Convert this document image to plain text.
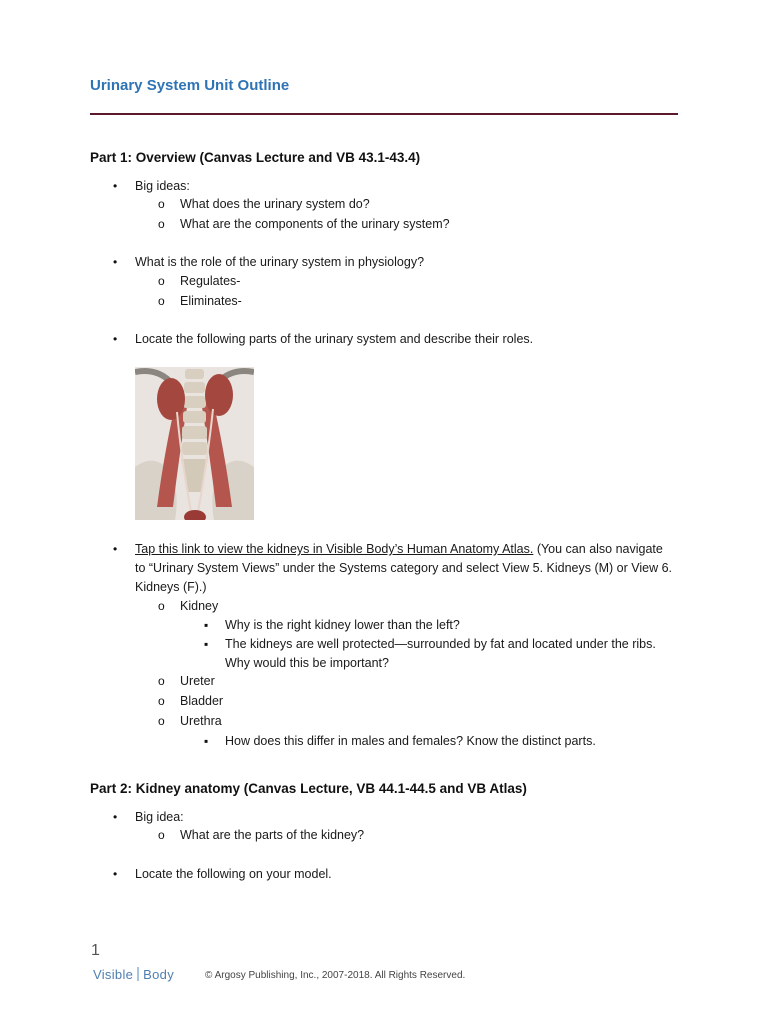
Urinary System Unit Outline
Part 1: Overview (Canvas Lecture and VB 43.1-43.4)
• Big ideas:
o What does the urinary system do?
o What are the components of the urinary system?
• What is the role of the urinary system in physiology?
o Regulates-
o Eliminates-
• Locate the following parts of the urinary system and describe their roles.
• Tap this link to view the kidneys in Visible Body’s Human Anatomy Atlas. (You can also navigate
to “Urinary System Views” under the Systems category and select View 5. Kidneys (M) or View 6.
Kidneys (F).)
o Kidney
▪ Why is the right kidney lower than the left?
▪ The kidneys are well protected—surrounded by fat and located under the ribs.
Why would this be important?
o Ureter
o Bladder
o Urethra
▪ How does this differ in males and females? Know the distinct parts.
Part 2: Kidney anatomy (Canvas Lecture, VB 44.1-44.5 and VB Atlas)
• Big idea:
o What are the parts of the kidney?
• Locate the following on your model.
1
Visible Body	© Argosy Publishing, Inc., 2007-2018. All Rights Reserved.
